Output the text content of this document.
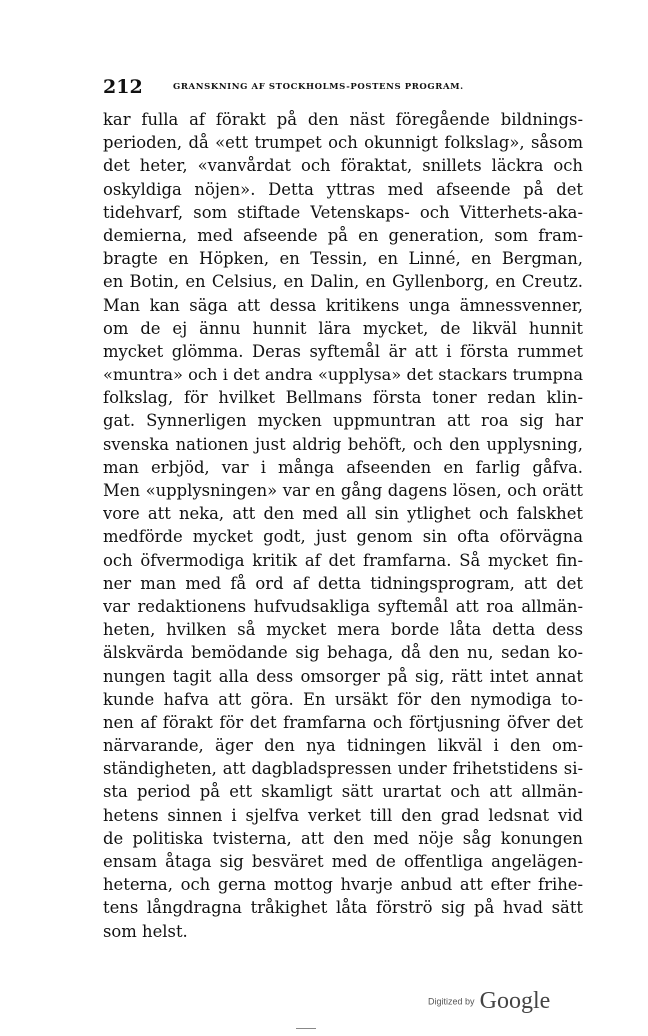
212	GRANSKNING AF STOCKHOLMS-POSTENS PROGRAM.
kar fulla af förakt på den näst föregående bildnings-
perioden, då «ett trumpet och okunnigt folkslag», såsom
det heter, «vanvårdat och föraktat, snillets läckra och
oskyldiga nöjen». Detta yttras med afseende på det
tidehvarf, som stiftade Vetenskaps- och Vitterhets-aka-
demierna, med afseende på en generation, som fram-
bragte en Höpken, en Tessin, en Linné, en Bergman,
en Botin, en Celsius, en Dalin, en Gyllenborg, en Creutz.
Man kan säga att dessa kritikens unga ämnessvenner,
om de ej ännu hunnit lära mycket, de likväl hunnit
mycket glömma. Deras syftemål är att i första rummet
«muntra» och i det andra «upplysa» det stackars trumpna
folkslag, för hvilket Bellmans första toner redan klin-
gat. Synnerligen mycken uppmuntran att roa sig har
svenska nationen just aldrig behöft, och den upplysning,
man erbjöd, var i många afseenden en farlig gåfva.
Men «upplysningen» var en gång dagens lösen, och orätt
vore att neka, att den med all sin ytlighet och falskhet
medförde mycket godt, just genom sin ofta oförvägna
och öfvermodiga kritik af det framfarna. Så mycket fin-
ner man med få ord af detta tidningsprogram, att det
var redaktionens hufvudsakliga syftemål att roa allmän-
heten, hvilken så mycket mera borde låta detta dess
älskvärda bemödande sig behaga, då den nu, sedan ko-
nungen tagit alla dess omsorger på sig, rätt intet annat
kunde hafva att göra. En ursäkt för den nymodiga to-
nen af förakt för det framfarna och förtjusning öfver det
närvarande, äger den nya tidningen likväl i den om-
ständigheten, att dagbladspressen under frihetstidens si-
sta period på ett skamligt sätt urartat och att allmän-
hetens sinnen i sjelfva verket till den grad ledsnat vid
de politiska tvisterna, att den med nöje såg konungen
ensam åtaga sig besväret med de offentliga angelägen-
heterna, och gerna mottog hvarje anbud att efter frihe-
tens långdragna tråkighet låta förströ sig på hvad sätt
som helst.
Digitized by Google
